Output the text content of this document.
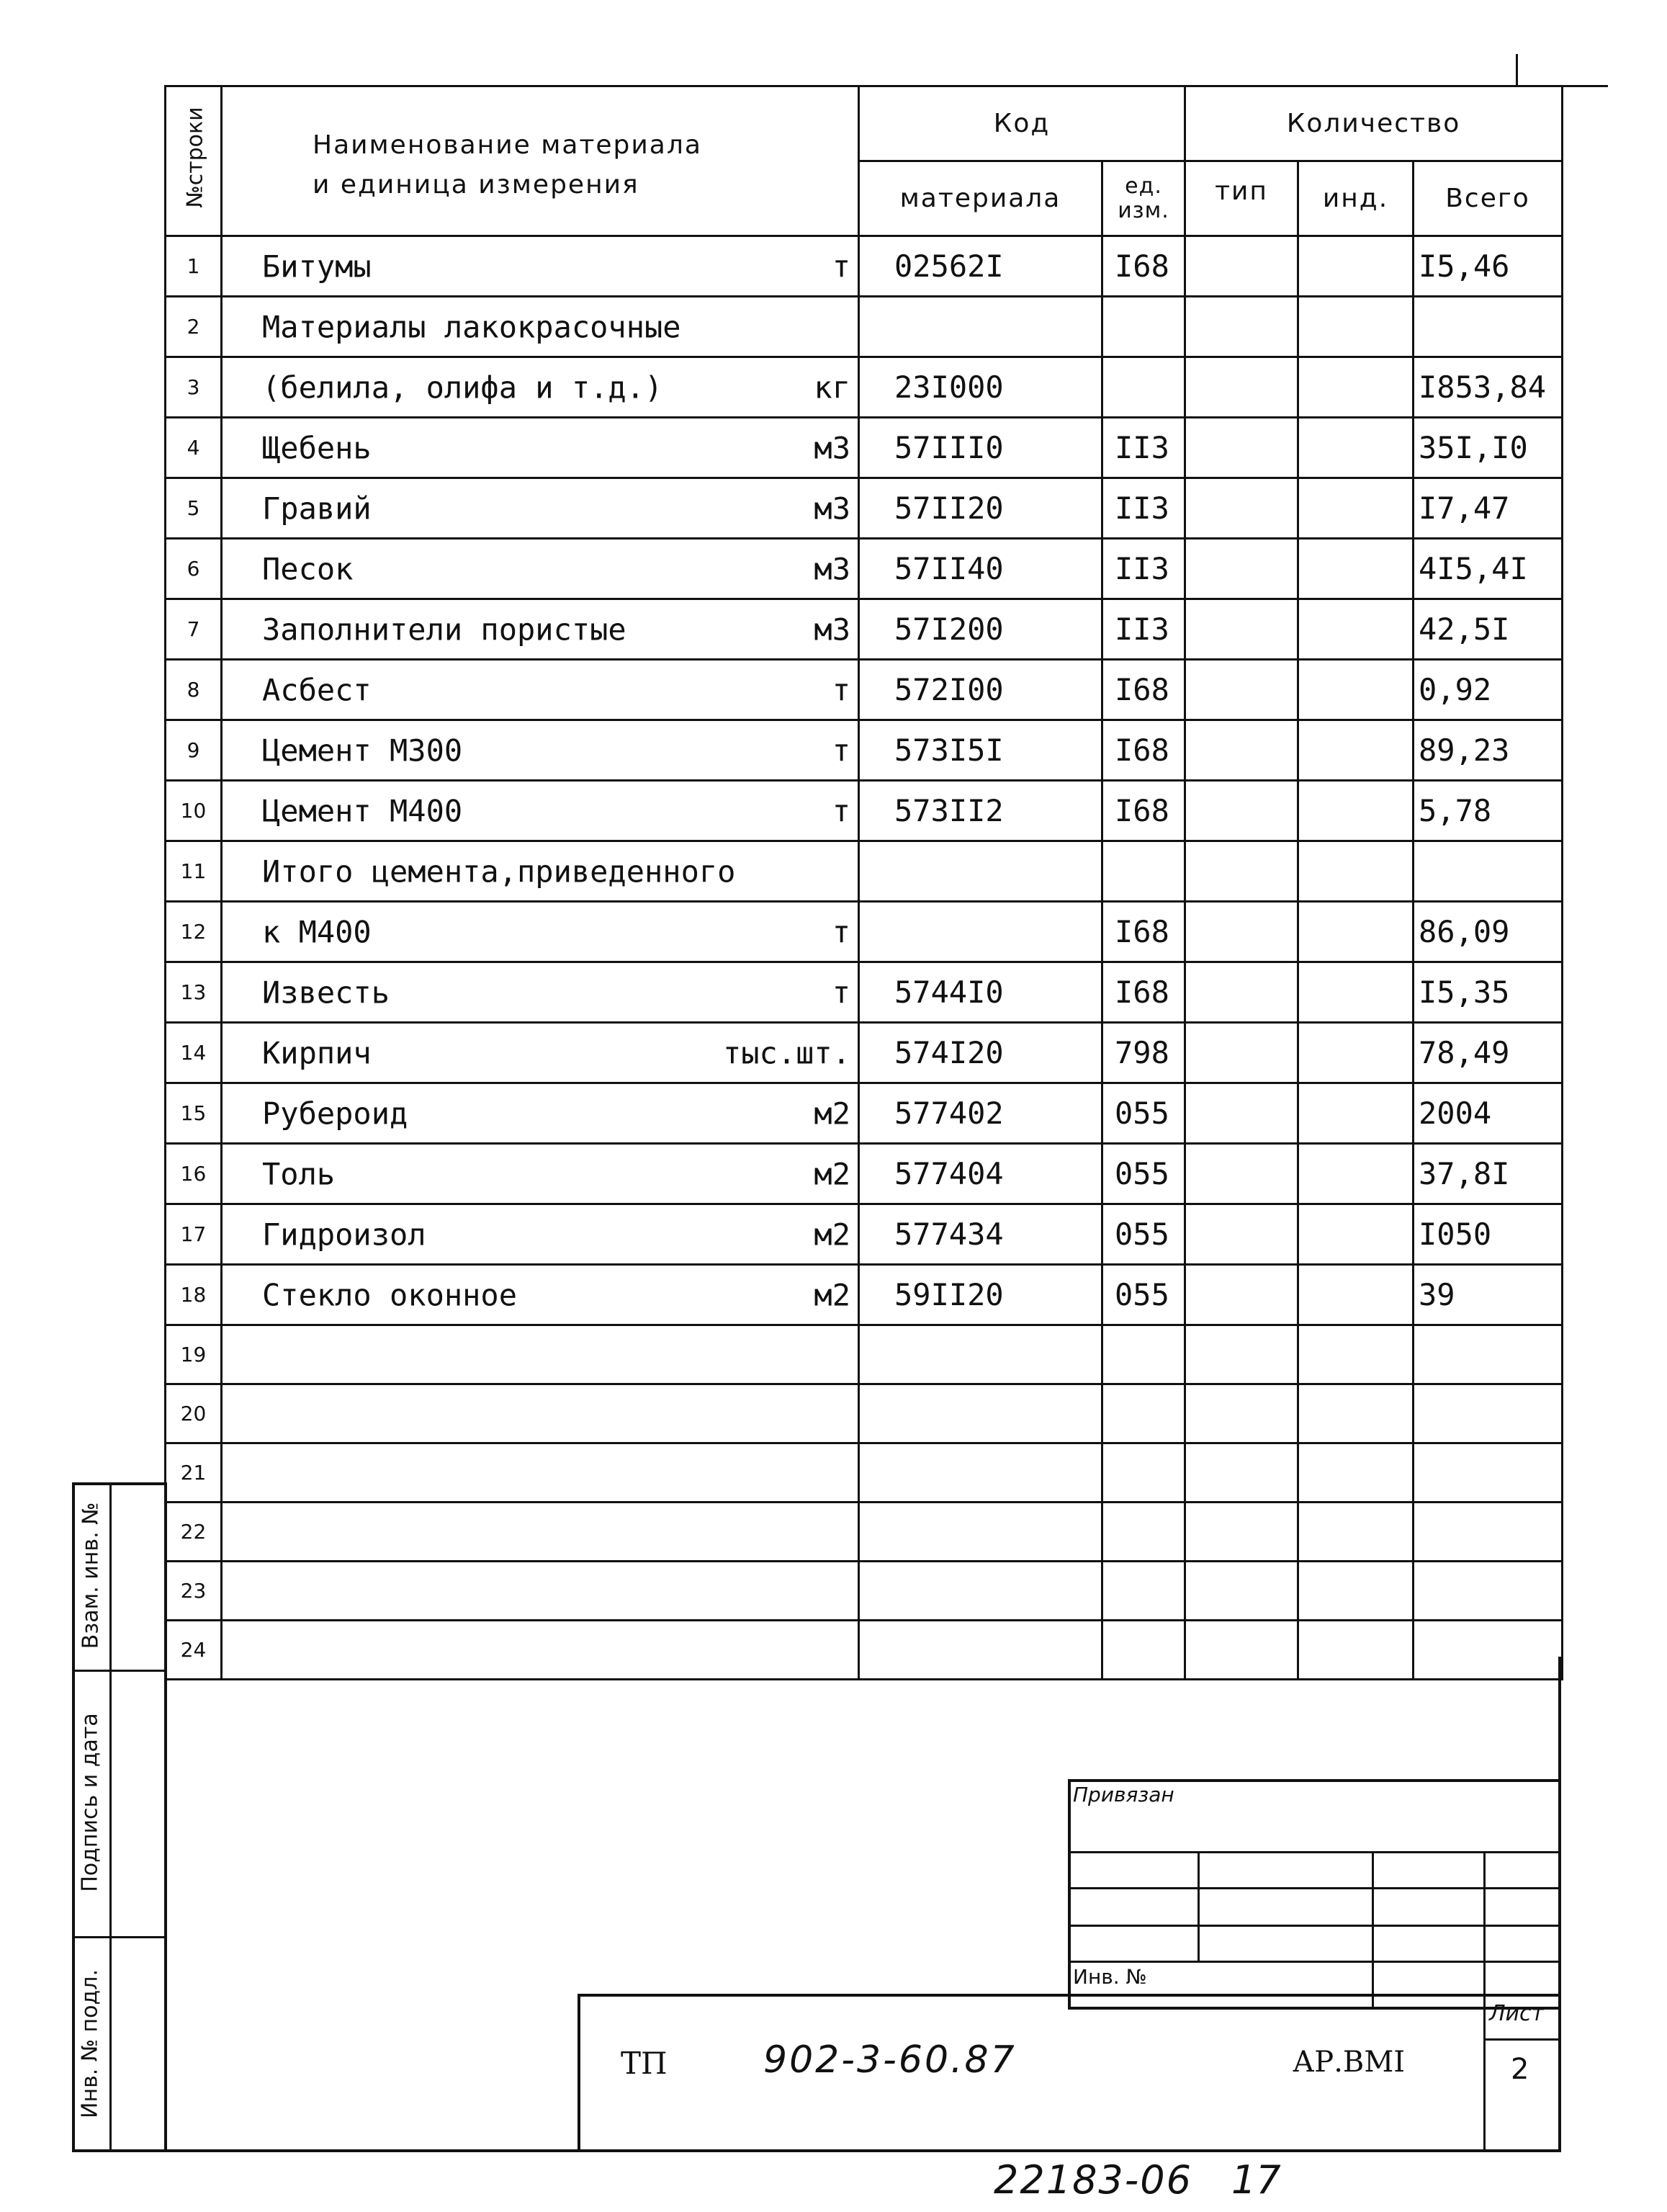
№строки	Наименование материала
и единица измерения	Код		Количество		
		материала	ед. изм.	тип	инд.	Всего
1	Битумы т	02562I	I68			I5,46
2	Материалы лакокрасочные					

3	(белила, олифа и т.д.) кг	23I000				I853,84
4	Щебень м3	57III0	II3			35I,I0
5	Гравий м3	57II20	II3			I7,47
6	Песок м3	57II40	II3			4I5,4I
7	Заполнители пористые м3	57I200	II3			42,5I
8	Асбест т	572I00	I68			0,92
9	Цемент М300 т	573I5I	I68			89,23
10	Цемент М400 т	573II2	I68			5,78
11	Итого цемента,приведенного					

12	к М400 т		I68			86,09
13	Известь т	5744I0	I68			I5,35
14	Кирпич тыс.шт.	574I20	798			78,49
15	Рубероид м2	577402	055			2004
16	Толь м2	577404	055			37,8I
17	Гидроизол м2	577434	055			I050
18	Стекло оконное м2	59II20	055			39
19	

20	

21	

22	

23	

24	

Взам. инв. №
Подпись и дата
Инв. № подл.
Привязан
Инв. №
ТП	902-3-60.87	АР.ВМI
Лист
2
22183-06 17
